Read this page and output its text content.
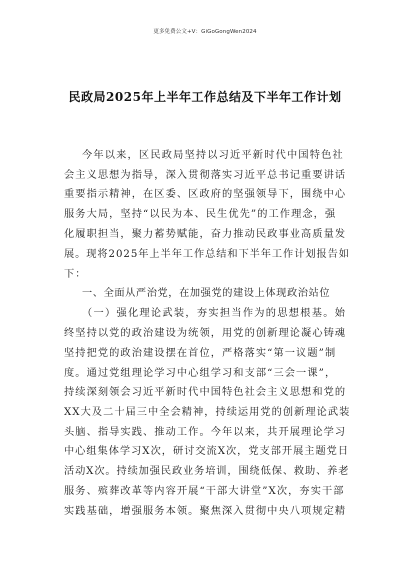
更多免费公文+V：GiGoGongWen2024
民政局2025年上半年工作总结及下半年工作计划
今年以来，区民政局坚持以习近平新时代中国特色社
会主义思想为指导，深入贯彻落实习近平总书记重要讲话
重要指示精神，在区委、区政府的坚强领导下，围绕中心
服务大局，坚持“以民为本、民生优先”的工作理念，强
化履职担当，聚力蓄势赋能，奋力推动民政事业高质量发
展。现将2025年上半年工作总结和下半年工作计划报告如
下：
一、全面从严治党，在加强党的建设上体现政治站位
（一）强化理论武装，夯实担当作为的思想根基。始
终坚持以党的政治建设为统领，用党的创新理论凝心铸魂
坚持把党的政治建设摆在首位，严格落实“第一议题”制
度。通过党组理论学习中心组学习和支部“三会一课”，
持续深刻领会习近平新时代中国特色社会主义思想和党的
XX大及二十届三中全会精神，持续运用党的创新理论武装
头脑、指导实践、推动工作。今年以来，共开展理论学习
中心组集体学习X次，研讨交流X次，党支部开展主题党日
活动X次。持续加强民政业务培训，围绕低保、救助、养老
服务、殡葬改革等内容开展“干部大讲堂”X次，夯实干部
实践基础，增强服务本领。聚焦深入贯彻中央八项规定精
